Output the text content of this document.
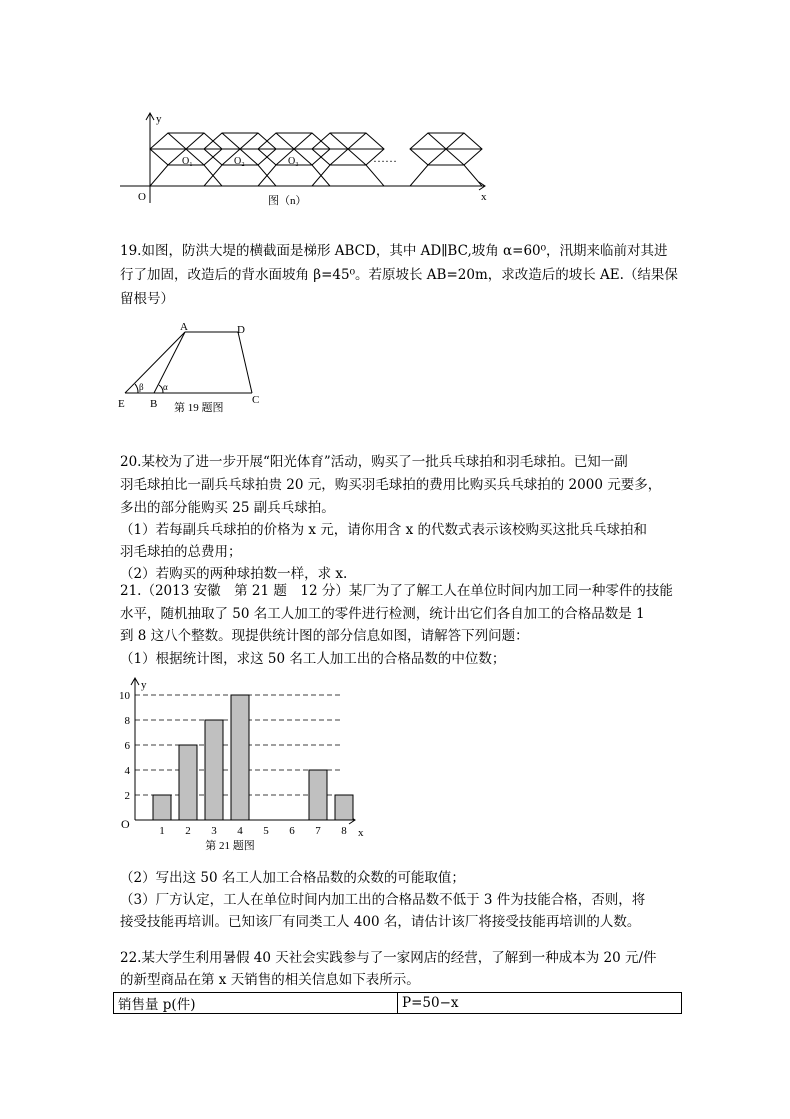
y
x
O
O₁	O₂	O₃	……
图（n）
19.如图，防洪大堤的横截面是梯形 ABCD，其中 AD∥BC,坡角 α=60⁰，汛期来临前对其进
行了加固，改造后的背水面坡角 β=45⁰。若原坡长 AB=20m，求改造后的坡长 AE.（结果保
留根号）
A	D
E B	C
β α
第 19 题图
20.某校为了进一步开展“阳光体育”活动，购买了一批兵乓球拍和羽毛球拍。已知一副
羽毛球拍比一副兵乓球拍贵 20 元，购买羽毛球拍的费用比购买兵乓球拍的 2000 元要多，
多出的部分能购买 25 副兵乓球拍。
（1）若每副兵乓球拍的价格为 x 元，请你用含 x 的代数式表示该校购买这批兵乓球拍和
羽毛球拍的总费用；
（2）若购买的两种球拍数一样，求 x.
21.（2013 安徽　第 21 题　12 分）某厂为了了解工人在单位时间内加工同一种零件的技能
水平，随机抽取了 50 名工人加工的零件进行检测，统计出它们各自加工的合格品数是 1
到 8 这八个整数。现提供统计图的部分信息如图，请解答下列问题：
（1）根据统计图，求这 50 名工人加工出的合格品数的中位数；
2
4
6
8
10
1 2 3 4 5 6 7 8
y
x
O
第 21 题图
（2）写出这 50 名工人加工合格品数的众数的可能取值；
（3）厂方认定，工人在单位时间内加工出的合格品数不低于 3 件为技能合格，否则，将
接受技能再培训。已知该厂有同类工人 400 名，请估计该厂将接受技能再培训的人数。
22.某大学生利用暑假 40 天社会实践参与了一家网店的经营，了解到一种成本为 20 元/件
的新型商品在第 x 天销售的相关信息如下表所示。
销售量 p(件)	P=50−x
